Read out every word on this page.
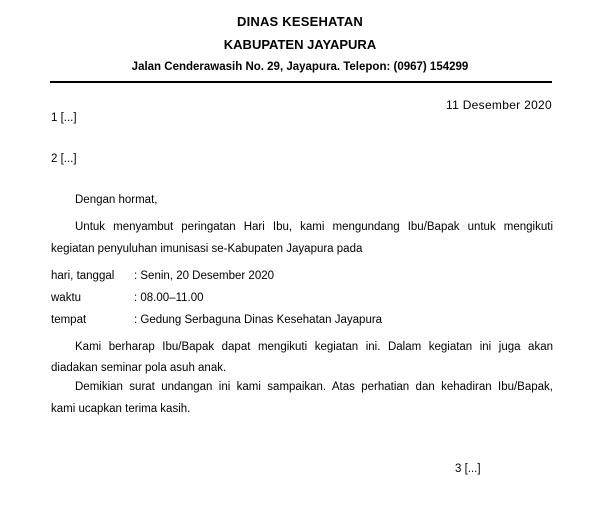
DINAS KESEHATAN
KABUPATEN JAYAPURA
Jalan Cenderawasih No. 29, Jayapura. Telepon: (0967) 154299
11 Desember 2020
1 [...]
2 [...]
Dengan hormat,
Untuk menyambut peringatan Hari Ibu, kami mengundang Ibu/Bapak untuk mengikuti
kegiatan penyuluhan imunisasi se-Kabupaten Jayapura pada
hari, tanggal : Senin, 20 Desember 2020
waktu	: 08.00–11.00
tempat	: Gedung Serbaguna Dinas Kesehatan Jayapura
Kami berharap Ibu/Bapak dapat mengikuti kegiatan ini. Dalam kegiatan ini juga akan
diadakan seminar pola asuh anak.
Demikian surat undangan ini kami sampaikan. Atas perhatian dan kehadiran Ibu/Bapak,
kami ucapkan terima kasih.
3 [...]
